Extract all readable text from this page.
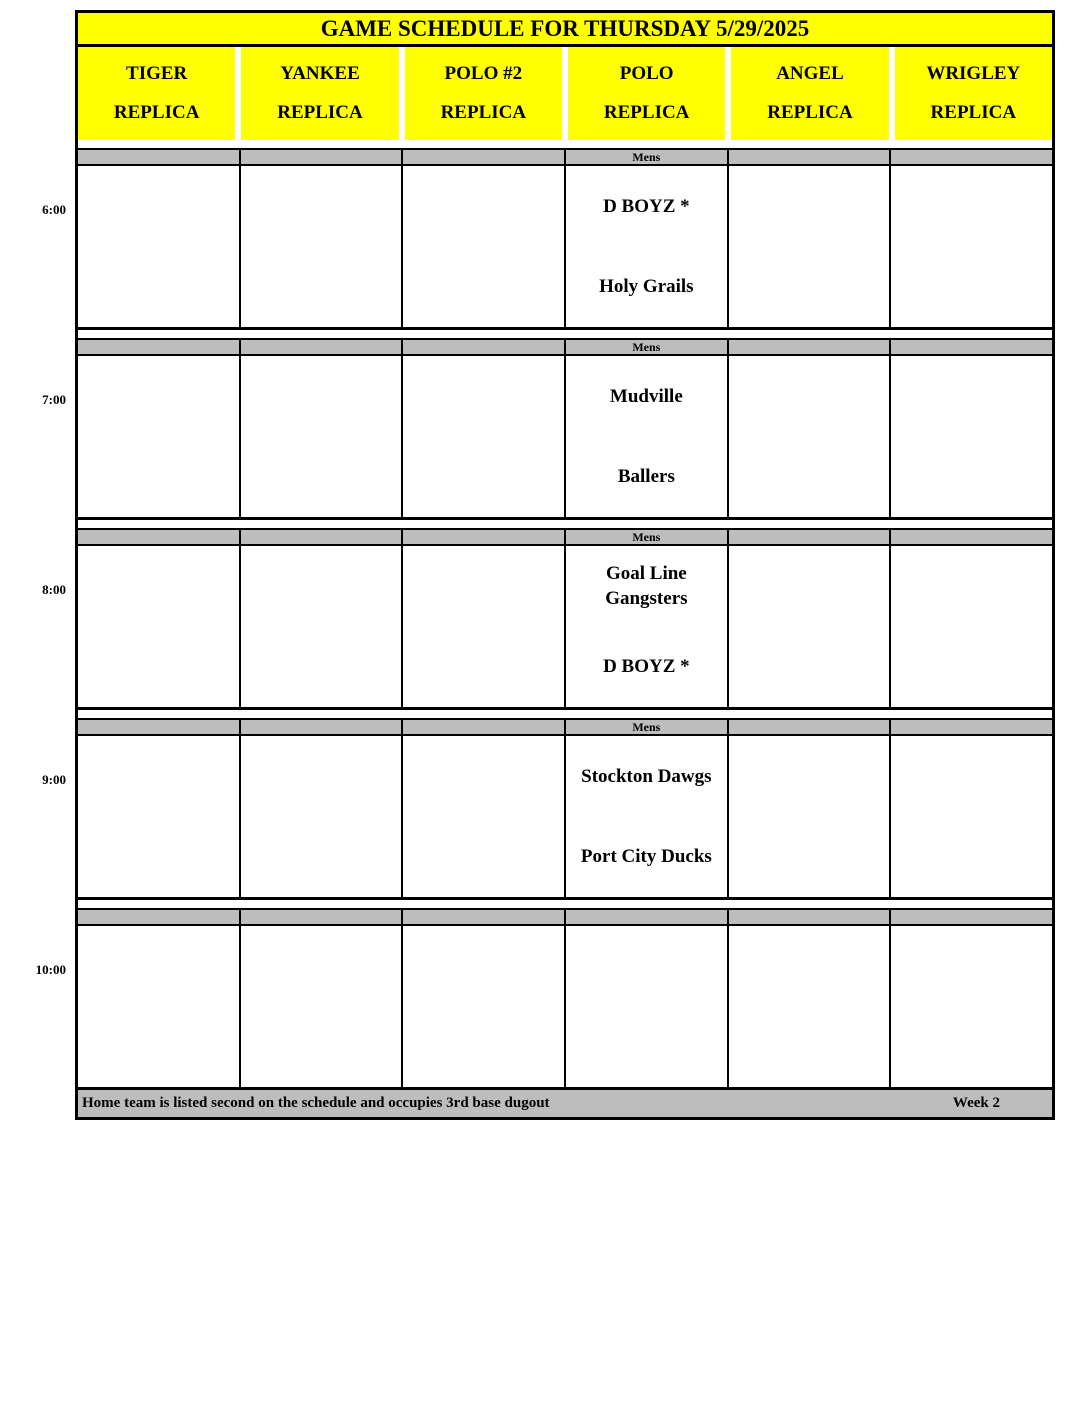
6:00
7:00
8:00
9:00
10:00
GAME SCHEDULE FOR THURSDAY 5/29/2025
TIGER
REPLICA
YANKEE
REPLICA
POLO #2
REPLICA
POLO
REPLICA
ANGEL
REPLICA
WRIGLEY
REPLICA
Mens
D BOYZ *
Holy Grails
Mens
Mudville
Ballers
Mens
Goal Line Gangsters
D BOYZ *
Mens
Stockton Dawgs
Port City Ducks
Home team is listed second on the schedule and occupies 3rd base dugout	Week 2
